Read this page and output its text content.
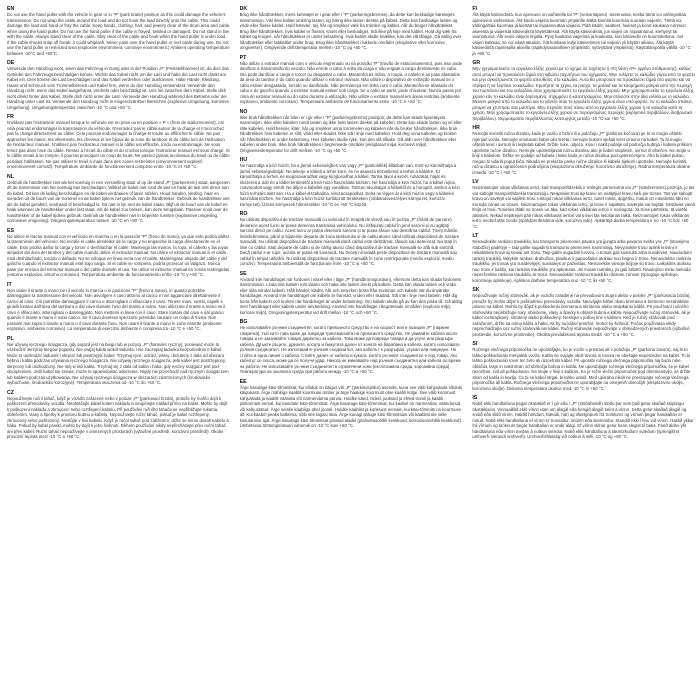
EN
Do not use the hand puller with the vehicle in gear or in “P” (park brake) position as this could damage the vehicle’s transmission. Do not wrap the cable around the load and do not hook the load directly onto the cable. This could damage the load and hand or fray the cable. Keep hands, clothing, hair, and jewelry clear of the drum area and cable when using the hand puller. Do not use the hand puller if the cable is frayed, twisted or damaged. Do not stand in line with the cable. Always stand clear of the cable. Stay clear of the cable and hook when the hand puller is under load. If the cable should snap off break, it could whiplash. Never pass over the hand puller or reel cable during use. Do not use the hand puller in restricted area (explosive environment, corrosive environment.) Ambient operating temperature between -10°C and +50°C.
DE
Verwende den Handzug nicht, wenn das Fahrzeug in Gang oder in der Position „P“ (Feststellbremse) ist, da dies das Getriebe des Fahrzeugs beschädigen könnte. Wickle das Kabel nicht um die Last und hake die Last nicht direkt am Kabel ein. Dies könnte die Last beschädigen und das Kabel verdrehen oder ausfransen. Halte Hände, Kleidung, Haare und Schmuck vom Trommelbereich und Kabel fern, wenn du den Handzug verwendest. Verwende den Handzug nicht, wenn das Kabel ausgefranst, verdreht oder beschädigt ist. Uns nie zwischen dem Kabel. Stelle dich nicht direkt hinter das Kabel. Stelle dich nicht unter die Last. Vermeide den Handzug während des Betriebs oder der Handzug unter Last ist. Verwende den Handzug nicht in eingeschränkten Bereichen (explosive Umgebung, korrosive Umgebung). Umgebungstemperatur zwischen -10 °C und +50 °C.
FR
N’utilisez pas l’extracteur manuel lorsque le véhicule est en prise ou en position « P » (frein de stationnement), car cela pourrait endommager la transmission du véhicule. N’enroulez pas le câble autour de la charge et n’accrochez pas la charge directement au câble. Cela pourrait endommager la charge et tordre ou effilocher le câble. Ne pas approcher les mains, les vêtements, les cheveux et les bijoux de la zone du tambour et du câble lors de l’utilisation de l’extracteur manuel. N’utilisez pas l’extracteur manuel si le câble est effiloché, tordu ou endommagé. Ne vous tenez pas dans l’axe du câble. Restez à l’écart du câble et du crochet lorsque l’extracteur manuel est sous charge. Si le câble venait à se rompre, il pourrait provoquer un coup de fouet. Ne passez jamais au-dessus du treuil ou du câble pendant l’utilisation. Ne pas utiliser le treuil à main dans des zones restreintes (environnement explosif, environnement corrosif). Température ambiante de fonctionnement comprise entre -10 °C et +50 °C.
NL
Gebruik de handtrekker niet als het voertuig in een versnelling staat of op de stand „P“ (parkeerrem) staat, aangezien dit de transmissie van het voertuig kan beschadigen. Wikkel de kabel niet rond de last en haak de last niet direct aan de kabel. Dit kan de lading beschadigen en de kabel verdraaien of laten rafelen. Houd handen, kleding, haar en sieraden uit de buurt van de trommel en de kabel tijdens het gebruik van de handtrekker. Gebruik de handtrekker niet als de kabel gerafeld, verdraaid of beschadigd is. Ga niet in lijn met de kabel staan. Blijf uit de buurt van de kabel en haak wanneer de handtrekker onder last staat. Als de kabel zou breken, kan deze terugslaan. Passeer nooit over de handtrekker of de kabel tijdens gebruik. Gebruik de handtrekker niet in beperkte ruimten (explosieve omgeving, corrosieve omgeving). Omgevingstemperatuur tussen -10 °C en +50 °C.
ES
No utilice el tractor manual con el vehículo en marcha o en la posición “P” (freno de mano), ya que esto podría dañar la transmisión del vehículo. No enrolle el cable alrededor de la carga y no enganche la carga directamente en el cable. Esto podría dañar la carga y torcer o deshilachar el cable. Mantenga las manos, la ropa, el cabello y las joyas alejados del área del tambor y del cable cuando utilice el extractor manual. No utilice el extractor manual si el cable está deshilachado, torcido o dañado. No se coloque en línea recta con el cable. Manténgase alejado del cable y del gancho cuando el extractor manual esté bajo carga. Si el cable se rompiera, podría provocar un latigazo. Nunca pase por encima del extractor manual o del cable durante el uso. No utilice el extractor manual en zonas restringidas (entorno explosivo, entorno corrosivo). Temperatura ambiente de funcionamiento entre -10 °C y +50 °C.
IT
Non usare il tirante a mano con il veicolo in marcia o in posizione “P” (freno a mano), in quanto potrebbe danneggiare la trasmissione del veicolo. Non avvolgere il cavo attorno al carico e non agganciare direttamente il carico al cavo. Ciò potrebbe danneggiare il carico e attorcigliare o sfilacciare il cavo. Tenere mani, vestiti, capelli e gioielli lontani dall’area del tamburo e dal cavo durante l’uso del tirante a mano. Non utilizzare il tirante a mano se il cavo è sfilacciato, attorcigliato o danneggiato. Non mettersi in linea con il cavo. Stare lontani dal cavo e dal gancio quando il tirante a mano è sotto carico. Se il cavo dovesse spezzarsi potrebbe causare un colpo di frusta. Non passare mai sopra il tirante a mano o il cavo durante l’uso. Non usare il tirante a mano in zone ristrette (ambiente esplosivo, ambiente corrosivo). La temperatura di esercizio ambiente è compresa tra -10 °C e +50 °C.
PL
Nie używaj ręcznego ściągacza, gdy pojazd jest na biegu lub w pozycji „P” (hamulec ręczny), ponieważ może to uszkodzić skrzynię biegów pojazdu. Nie owijaj kabla wokół ładunku i nie zaczepiaj ładunku bezpośrednio o kabel. Może to uszkodzić ładunek i skręcić lub postrzępić kabel. Trzymaj ręce, odzież, włosy i biżuterię z dala od obszaru bębna i kabla podczas używania ręcznego ściągacza. Nie używaj ręcznego ściągacza, jeśli kabel jest postrzępiony, skręcony lub uszkodzony. Nie stój w linii kabla. Trzymaj się z dala od kabla i haka, gdy ręczny ściągacz jest pod obciążeniem. Jeśli kabel się zerwie, może to spowodować uderzenie. Nigdy nie przechodź nad ręcznym ściągaczem lub kablem podczas użytkowania. Nie używaj ręcznego ściągacza w obszarach zastrzeżonych (środowisko wybuchowe, środowisko korozyjne). Temperatura otoczenia od -10 °C do +50 °C.
CZ
Nepoužívejte ruční tahač, když je vozidlo zařazené nebo v poloze „P“ (parkovací brzda), protože by mohlo dojít k poškození převodovky vozidla. Neobtáčejte kabel kolem nákladu a neupínejte náklad přímo na kabel. Mohlo by dojít k poškození nákladu a zkroucení nebo roztřepení kabelu. Při používání ručního tahače se nepřibližujte rukama, oblečením, vlasy a šperky k prostoru bubnu a kabelu. Nepoužívejte ruční tahač, pokud je kabel roztřepený, zkroucený nebo poškozený. Nestůjte v linii kabelu. Když je ruční tahač pod zatížením, držte se mimo dosah kabelu a háku. Pokud by kabel praskl, mohlo by dojít k jeho švihnutí. Během používání nikdy nepřecházejte přes ruční tahač ani přes kabel. Ruční tahač nepoužívejte v omezených prostorách (výbušné prostředí, korozivní prostředí). Okolní provozní teplota mezi -10 °C a +50 °C.
DK
Brug ikke håndtrækket, mens køretøjet er i gear eller i “P” (parkeringsbremse), da dette kan beskadige køretøjets transmission. Vikl ikke kablet omkring lasten, og hæng ikke lasten direkte på kablet. Dette kan beskadige lasten og vride eller flosse kablet. Hold hænder, tøj, hår og smykker væk fra tromlen og kablet, når du bruger håndtrækket. Brug ikke håndtrækket, hvis kablet er flosset, snoet eller beskadiget. Stå ikke på linje med kablet. Hold dig væk fra kablet og krogen, når håndtrækket er under belastning. Hvis kablet skulle knække, kan det slå tilbage. Gå aldrig over håndtrækket eller tabkablet under brug. Brug ikke håndtrækket i lukkede områder (eksplosive eller korrosive omgivelser). Omgivende driftstemperatur mellem -10 °C og +50 °C.
PT
Não utilize o extrator manual com o veículo engrenado ou na posição “P” (travão de estacionamento), pois isso pode danificar a transmissão do veículo. Não enrole o cabo à volta da carga e não engate a carga diretamente no cabo. Isto pode danificar a carga e torcer ou desgastar o cabo. Mantenha as mãos, a roupa, o cabelo e as joias afastados da área do tambor e do cabo quando utilizar o extrator manual. Não utilize o dispositivo de extração manual se o cabo estiver desgastado, torcido ou danificado. Não permaneça em linha com o cabo. Mantenha-se afastado do cabo e do gancho quando o extrator manual estiver sob carga. Se o cabo se partir, pode chicotear. Nunca passe por cima do extrator manual ou do cabo durante a utilização. Não utilize o extrator manual em áreas restritas (ambiente explosivo, ambiente corrosivo). Temperatura ambiente de funcionamento entre -10 °C e +50 °C.
NO
Ikke bruk håndtrekken når bilen er i gir eller i “P” (parkeringsbrems) posisjon, da dette kan skade kjøretøyets transmisjon. Ikke vikle kabelen rundt lasten og ikke hekt lasten direkte på kabelen. Dette kan skade lasten og vri eller slite kabelen. Hold hender, klær, hår og smykker unna trommelen og kabelen når du bruker håndtrekken. Ikke bruk håndtrekken hvis kabelen er slitt, vridd eller skadet. Ikke stå i linje med kabelen. Hold deg unna kabelen og kroken når håndtrekken er under belastning. Hvis kabelen skulle ryke, kan den slå tilbake. Gå aldri over håndtrekken eller kabelen under bruk. Ikke bruk håndtrekken i begrensede områder (eksplosivt miljø, korrosivt miljø). Omgivelsestemperatur for drift mellom -10 °C og +50 °C.
HU
Ne használja a kézi húzót, ha a jármű sebességben van vagy „P” (parkolófék) állásban van, mert ez károsíthatja a jármű sebességváltóját. Ne tekerje a kábelt a teher köré, és ne akassza közvetlenül a terhet a kábelre. Ez károsíthatja a terhet, és megcsavarodhat vagy kirojtosodhat a kábel. Tartsa távol a kezét, ruházatát, haját és ékszereit a dob és a kábel területétől a kézi húzó használata közben. Ne használja a kézi húzót, ha a kábel rojtos, csavarodott vagy sérült. Ne álljon a kábellel egy vonalban. Tartson távolságot a kábeltől és a horogtól, amikor a kézi húzó terhelés alatt van. Ha a kábel elszakadna, visszacsapódhat. Soha ne lépjen át a kézi húzón vagy a kábelen használat közben. Ne használja a kézi húzót korlátozott területeken (robbanásveszélyes környezet, korrozív környezet). Üzemi környezeti hőmérséklet -10 °C és +50 °C között.
RO
Nu utilizați dispozitivul de tractare manuală cu vehiculul în treaptă de viteză sau în poziția „P” (frână de parcare), deoarece acest lucru ar putea deteriora transmisia vehiculului. Nu înfășurați cablul în jurul sarcinii și nu agățați sarcina direct pe cablu. Acest lucru ar putea deteriora sarcina și ar putea răsuci sau destrăma cablul. Țineți mâinile, îmbrăcămintea, părul și bijuteriile departe de zona tamburului și de cablu atunci când utilizați dispozitivul de tractare manuală. Nu utilizați dispozitivul de tractare manuală dacă cablul este destrămat, răsucit sau deteriorat. Nu stați în linie cu cablul. Stați departe de cablu și de cârlig atunci când dispozitivul de tractare manuală se află sub sarcină. Dacă cablul s-ar rupe, acesta ar putea să lovească. Nu treceți niciodată peste dispozitivul de tractare manuală sau cablul în timpul utilizării. Nu utilizați dispozitivul de tractare manuală în zone restricționate (mediu exploziv, mediu coroziv). Temperatura ambientală de funcționare între -10 °C și +50 °C.
SE
Använd inte handdraget när fordonet i växel eller i läge „P” (handbromsposition), eftersom detta kan skada fordonets transmission. Linda inte kabeln runt lasten och haka inte lasten direkt på kabeln. Detta kan skada lasten och vrida eller slita sönder kabeln. Håll händer, kläder, hår och smycken borta från trumman och kabeln när du använder handdraget. Använd inte handdraget om kabeln är fransad, vriden eller skadad. Stå inte i linje med kabeln. Håll dig borta från kabeln och kroken när handdraget är under belastning. Om kabeln skulle gå av kan den piska till. Gå aldrig över handdraget eller kabeln under användning. Använd inte handdraget i begränsade områden (explosiv miljö, korrosiv miljö). Omgivningstemperatur vid drift mellan -10 °C och +50 °C.
BG
Не използвайте ръчния съединител, когато превозното средство е на скорост или в позиция „P“ (паркинг спирачка), тъй като това може да повреди трансмисията на превозното средство. Не увивайте кабела около товара и не закачвайте товара директно за кабела. Това може да повреди товара и да усуче или разръфе кабела. Дръжте ръцете, дрехите, косата и бижутата далеч от зоната на барабана и кабела, когато използвате ръчния съединител. Не използвайте ръчния съединител, ако кабелът е разръфан, усукан или повреден. Не стойте в една линия с кабела. Стойте далеч от кабела и куката, когато ръчният съединител е под товар. Ако кабелът се скъса, може да се получи удар. Никога не минавайте над ръчния съединител или кабела по време на работа. Не използвайте ръчния съединител в ограничени зони (експлозивна среда, корозивна среда). Температура на околната среда при работа между -10 °C и +50 °C.
EE
Ärge kasutage käsi-tõmmitsat, kui sõiduk on käigus või „P“ (parkimispidur) asendis, kuna see võib kahjustada sõiduki käigukasti. Ärge mähkige kaablit koormuse ümber ja ärge haakige koormust otse kaabli külge. See võib koormust kahjustada ja kaablit väänata või narmendama panna. Hoidke käed, riided, juuksed ja ehted trumli ja kaabli piirkonnast eemal, kui kasutate käsi-tõmmitsat. Ärge kasutage käsi-tõmmitsat, kui kaabel on narmendav, väändunud või kahjustatud. Ärge seiske kaabliga ühel joonel. Hoidke kaablist ja konksust eemale, kui käsi-tõmmits on koormuse all. Kui kaabel peaks katkema, võib see tagasi lüüa. Ärge kunagi astuge käsi-tõmmitsast või kaablist üle selle kasutamise ajal. Ärge kasutage käsi-tõmmitsat piiratud aladel (plahvatusohtlik keskkond, korrosiooniohtlik keskkond). Ümbritseva töötemperatuuri vahemik on -10 °C kuni +50 °C.
FI
Älä käytä käsivedintä, kun ajoneuvo on vaihteella tai “P” (seisontajarru) -asennossa, koska tämä voi vahingoittaa ajoneuvon vaihteistoa. Älä kiedo vaijeria kuorman ympärille äläkä kiinnitä kuormaa suoraan vaijeriin. Tämä voi vahingoittaa kuormaa ja kiertää tai rispaannuttaa vaijeria. Pidä kädet, vaatteet, hiukset ja korut kaukana rummun alueesta ja vaijerista käsivedintä käytettäessä. Älä käytä käsivedintä, jos vaijeri on rispaantunut, kiertynyt tai vaurioitunut. Älä seiso vaijerin linjalla. Pysy kaukana vaijerista ja koukusta, kun käsivedin on kuormitettuna. Jos vaijeri katkeaa, se voi iskeä takaisin. Älä koskaan kulje käsivetimen tai vaijerin yli käytön aikana. Älä käytä käsivedintä rajoitetuilla alueilla (räjähdysvaarallinen ympäristö, syövyttävä ympäristö). Käyttölämpötila välillä -10 °C ja +50 °C.
GR
Μην χρησιμοποιείτε το εργαλείο έλξης χεριού με το όχημα σε ταχύτητα ή στη θέση «P» (φρένο στάθμευσης), καθώς αυτό μπορεί να προκαλέσει ζημιά στο κιβώτιο ταχυτήτων του οχήματος. Μην τυλίγετε το καλώδιο γύρω από το φορτίο και μην αγκιστρώνετε το φορτίο απευθείας στο καλώδιο. Αυτό θα μπορούσε να προκαλέσει ζημιά στο φορτίο και να στρίψει ή να ξεφτίσει το καλώδιο. Κρατήστε τα χέρια, τα ρούχα, τα μαλλιά και τα κοσμήματα μακριά από την περιοχή του τυμπάνου και του καλωδίου όταν χρησιμοποιείτε το εργαλείο έλξης χεριού. Μην χρησιμοποιείτε το εργαλείο έλξης χεριού εάν το καλώδιο είναι ξεφτισμένο, στριμμένο ή κατεστραμμένο. Μην στέκεστε στην ίδια ευθεία με το καλώδιο. Μείνετε μακριά από το καλώδιο και το γάντζο όταν το εργαλείο έλξης χεριού είναι υπό φορτίο. Αν το καλώδιο σπάσει, μπορεί να χτυπήσει σαν μαστίγιο. Μην περνάτε ποτέ πάνω από το εργαλείο έλξης χεριού ή το καλώδιο κατά τη χρήση. Μην χρησιμοποιείτε το εργαλείο έλξης χεριού σε περιορισμένες περιοχές (εκρηκτικό περιβάλλον, διαβρωτικό περιβάλλον). Θερμοκρασία περιβάλλοντος λειτουργίας μεταξύ -10 °C και +50 °C.
HR
Nemojte koristiti ručnu dizalicu kada je vozilo u brzini ili u položaju „P“ (parkirna kočnica) jer bi to moglo oštetiti mjenjač vozila. Nemojte omotavati kabel oko tereta i nemojte kukom vješati teret izravno na kabel. To bi moglo oštetiti teret i uvrnuti ili raspletati kabel. Držite ruke, odjeću, kosu i nakit podalje od područja bubnja i kabela prilikom upotrebe ručne dizalice. Nemojte upotrebljavati ručnu dizalicu ako je kabel raspleten, uvrnut ili oštećen. Ne stojte u liniji s kabelom. Držite se podalje od kabela i kuke kada je ručna dizalica pod opterećenjem. Ako bi kabel pukao, mogao bi udariti poput biča. Nikada ne prelazite preko ručne dizalice ili kabela tijekom upotrebe. Nemojte koristiti ručnu dizalicu u ograničenim područjima (eksplozivno okruženje, korozivno okruženje). Radna temperatura okoline između -10 °C i +50 °C.
LV
Neizmantojiet rokas vilkšanas ierīci, kad transportlīdzeklis ir ieslēgts pārnesumā vai „P“ (stāvbremzes) pozīcijā, jo tas var sabojāt transportlīdzekļa transmisiju. Neaptiniet trosi ap kravu un neāķējiet kravu tieši pie troses. Tas var sabojāt kravu un savērpt vai saplēst trosi. Lietojot rokas vilkšanas ierīci, turiet rokas, apģērbu, matus un rotaslietas tālu no trumuļa zonas un troses. Neizmantojiet rokas vilkšanas ierīci, ja trose ir saplēsta, savērpta vai bojāta. Nestāviet vienā līnijā ar trosi. Turieties tālāk no troses un āķa, kad rokas vilkšanas ierīce ir noslogota. Ja trose pārtrūktu, tā varētu atsisties. Nekad nepārejiet pāri rokas vilkšanas ierīcei vai trosei tās lietošanas laikā. Neizmantojiet rokas vilkšanas ierīci ierobežotās zonās (sprādzienbīstama vide, korozīva vide). Apkārtējā darba temperatūra ir no -10 °C līdz +50 °C.
LT
Nenaudokite rankinio traukiklio, kai transporto priemonės pavara yra įjungta arba pavaros svirtis yra „P“ (stovėjimo stabdžio) padėtyje – taip galite sugadinti transporto priemonės transmisiją. Nevyniokite troso aplink krovinį ir nekabinkite krovinio tiesiai ant troso. Taip galite sugadinti krovinį, o trosas gali susisukti arba susidėvėti. Naudodami rankinį traukiklį, laikykite rankas, drabužius, plaukus ir papuošalus atokiau nuo būgno ir troso. Nenaudokite rankinio traukiklio, jei trosas yra susidėvėjęs, susisukęs ar pažeistas. Nestovėkite vienoje linijoje su trosu. Laikykitės atokiau nuo troso ir kablio, kai rankinis traukiklis yra apkrautas. Jei trosas nutrūktų, jis gali atšokti. Naudojimo metu niekada neperženkite rankinio traukiklio ar troso. Nenaudokite rankinio traukiklio ribotose zonose (sprogioje aplinkoje, korozinėje aplinkoje). Aplinkos darbinė temperatūra nuo -10 °C iki +50 °C.
SK
Nepoužívajte ručný sťahovák, ak je vozidlo zaradené na prevodovom stupni alebo v polohe „P“ (parkovacia brzda), pretože by mohlo dôjsť k poškodeniu prevodovky vozidla. Neovíjajte kábel okolo bremena a bremeno nezaháknite priamo na kábel. Mohlo by dôjsť k poškodeniu bremena a skrúteniu alebo strapkaniu kábla. Pri používaní ručného sťahováka nepribližujte ruky, oblečenie, vlasy a šperky k oblasti bubna a kábla. Nepoužívajte ručný sťahovák, ak je kábel rozstrapkaný, skrútený alebo poškodený. Nestojte v jednej línii s káblom. Keď je ručný sťahovák pod zaťažením, držte sa mimo kábla a háku. Ak by sa kábel pretrhol, mohol by švihnúť. Počas používania nikdy neprechádzajte cez ručný sťahovák ani kábel. Ručný sťahovák nepoužívajte v obmedzených priestoroch (výbušné prostredie, korozívne prostredie). Okolitá prevádzková teplota medzi -10 °C a +50 °C.
SI
Ročnega vlečnega pripomočka ne uporabljajte, ko je vozilo v prestavi ali v položaju „P“ (parkirna zavora), saj bi to lahko poškodovalo menjalnik vozila. Kabla ne ovijajte okoli tovora in tovora ne obešajte neposredno na kabel. To bi lahko poškodovalo tovor ter zvilo ali razcefralo kabel. Pri uporabi ročnega vlečnega pripomočka naj bodo roke, oblačila, lasje in nakit stran od območja bobna in kabla. Ne uporabljajte ročnega vlečnega pripomočka, če je kabel razcefran, zvit ali poškodovan. Ne stojte v liniji s kablom. Ko je ročni vlečni pripomoček pod obremenitvijo, se držite stran od kabla in kavlja. Če bi se kabel strgal, bi lahko udaril. Med uporabo nikoli ne prestopajte ročnega vlečnega pripomočka ali kabla. Ročnega vlečnega pripomočka ne uporabljajte na omejenih območjih (eksplozivno okolje, korozivno okolje). Delovna temperatura okolice med -10 °C in +50 °C.
IS
Notið ekki handtalíuna þegar ökutækið er í gír eða í „P“ (stöðuhemill) stöðu þar sem það getur skaðað skiptingu ökutækisins. Vinnuaðilið ekki vírinn utan um álagið eða hengið álagið beint á vírinn. Þetta getur skaðað álagið og snúið eða slitið vírinn. Haldið höndum, fatnaði, hári og skartgripum frá tromlunni og vírnum þegar handtalían er notuð. Notið ekki handtalíuna ef vírinn er trosnaður, snúinn eða skemmdur. Standið ekki í línu við vírinn. Haldið ykkur frá vírnum og króknum þegar handtalían er undir álagi. Ef vírinn slitnar getur hann slegist til baka. Farið aldrei yfir handtalíuna eða vírinn meðan á notkun stendur. Notið ekki handtalíuna á takmörkuðum svæðum (sprengifimt umhverfi, tærandi umhverfi). Umhverfishitastig við notkun á milli -10 °C og +50 °C.
